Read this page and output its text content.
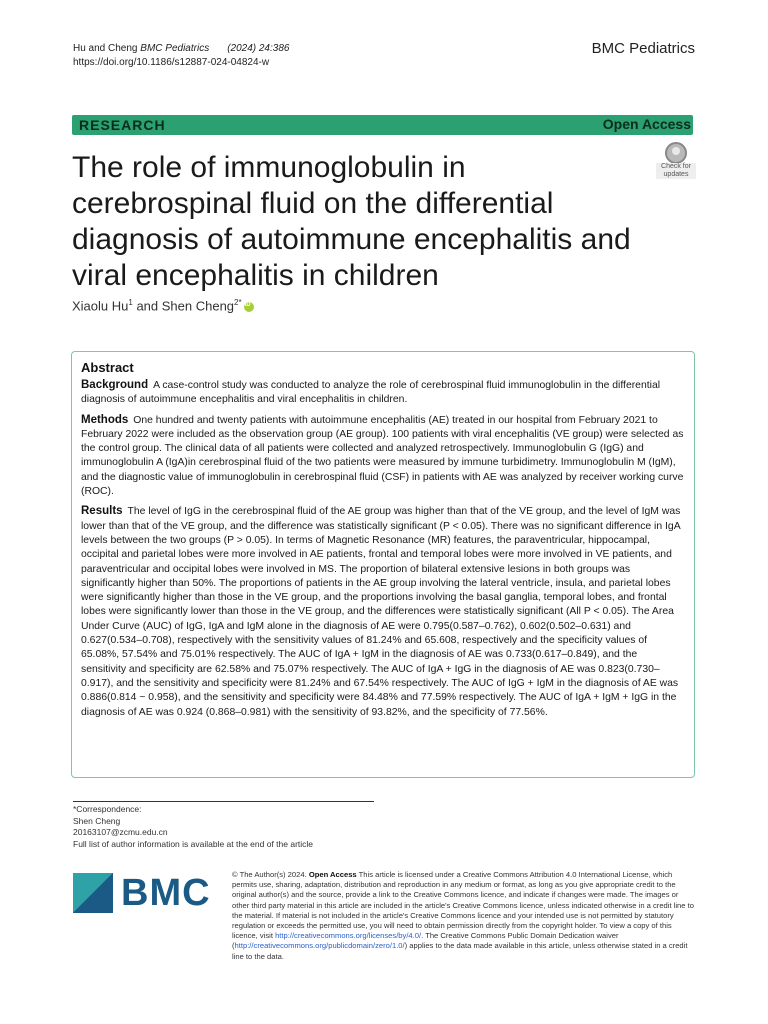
Hu and Cheng BMC Pediatrics (2024) 24:386
https://doi.org/10.1186/s12887-024-04824-w
BMC Pediatrics
RESEARCH	Open Access
The role of immunoglobulin in cerebrospinal fluid on the differential diagnosis of autoimmune encephalitis and viral encephalitis in children
Check for updates
Xiaolu Hu$^1$ and Shen Cheng$^{2*}$iD
Abstract

Background A case-control study was conducted to analyze the role of cerebrospinal fluid immunoglobulin in the differential diagnosis of autoimmune encephalitis and viral encephalitis in children.

Methods One hundred and twenty patients with autoimmune encephalitis (AE) treated in our hospital from February 2021 to February 2022 were included as the observation group (AE group). 100 patients with viral encephalitis (VE group) were selected as the control group. The clinical data of all patients were collected and analyzed retrospectively. Immunoglobulin G (IgG) and immunoglobulin A (IgA)in cerebrospinal fluid of the two patients were measured by immune turbidimetry. Immunoglobulin M (IgM), and the diagnostic value of immunoglobulin in cerebrospinal fluid (CSF) in patients with AE was analyzed by receiver working curve (ROC).

Results The level of IgG in the cerebrospinal fluid of the AE group was higher than that of the VE group, and the level of IgM was lower than that of the VE group, and the difference was statistically significant (P < 0.05). There was no significant difference in IgA levels between the two groups (P > 0.05). In terms of Magnetic Resonance (MR) features, the paraventricular, hippocampal, occipital and parietal lobes were more involved in AE patients, frontal and temporal lobes were more involved in VE patients, and paraventricular and occipital lobes were involved in MS. The proportion of bilateral extensive lesions in both groups was significantly higher than 50%. The proportions of patients in the AE group involving the lateral ventricle, insula, and parietal lobes were significantly higher than those in the VE group, and the proportions involving the basal ganglia, temporal lobes, and frontal lobes were significantly lower than those in the VE group, and the differences were statistically significant (All P < 0.05). The Area Under Curve (AUC) of IgG, IgA and IgM alone in the diagnosis of AE were 0.795(0.587–0.762), 0.602(0.502–0.631) and 0.627(0.534–0.708), respectively with the sensitivity values of 81.24% and 65.608, respectively and the specificity values of 65.08%, 57.54% and 75.01% respectively. The AUC of IgA + IgM in the diagnosis of AE was 0.733(0.617–0.849), and the sensitivity and specificity are 62.58% and 75.07% respectively. The AUC of IgA + IgG in the diagnosis of AE was 0.823(0.730–0.917), and the sensitivity and specificity were 81.24% and 67.54% respectively. The AUC of IgG + IgM in the diagnosis of AE was 0.886(0.814 ~ 0.958), and the sensitivity and specificity were 84.48% and 77.59% respectively. The AUC of IgA + IgM + IgG in the diagnosis of AE was 0.924 (0.868–0.981) with the sensitivity of 93.82%, and the specificity of 77.56%.

*Correspondence:
Shen Cheng
20163107@zcmu.edu.cn
Full list of author information is available at the end of the article
BMC	© The Author(s) 2024. Open Access This article is licensed under a Creative Commons Attribution 4.0 International License, which permits use, sharing, adaptation, distribution and reproduction in any medium or format, as long as you give appropriate credit to the original author(s) and the source, provide a link to the Creative Commons licence, and indicate if changes were made. The images or other third party material in this article are included in the article's Creative Commons licence, unless indicated otherwise in a credit line to the material. If material is not included in the article's Creative Commons licence and your intended use is not permitted by statutory regulation or exceeds the permitted use, you will need to obtain permission directly from the copyright holder. To view a copy of this licence, visit http://creativecommons.org/licenses/by/4.0/. The Creative Commons Public Domain Dedication waiver (http://creativecommons.org/publicdomain/zero/1.0/) applies to the data made available in this article, unless otherwise stated in a credit line to the data.
